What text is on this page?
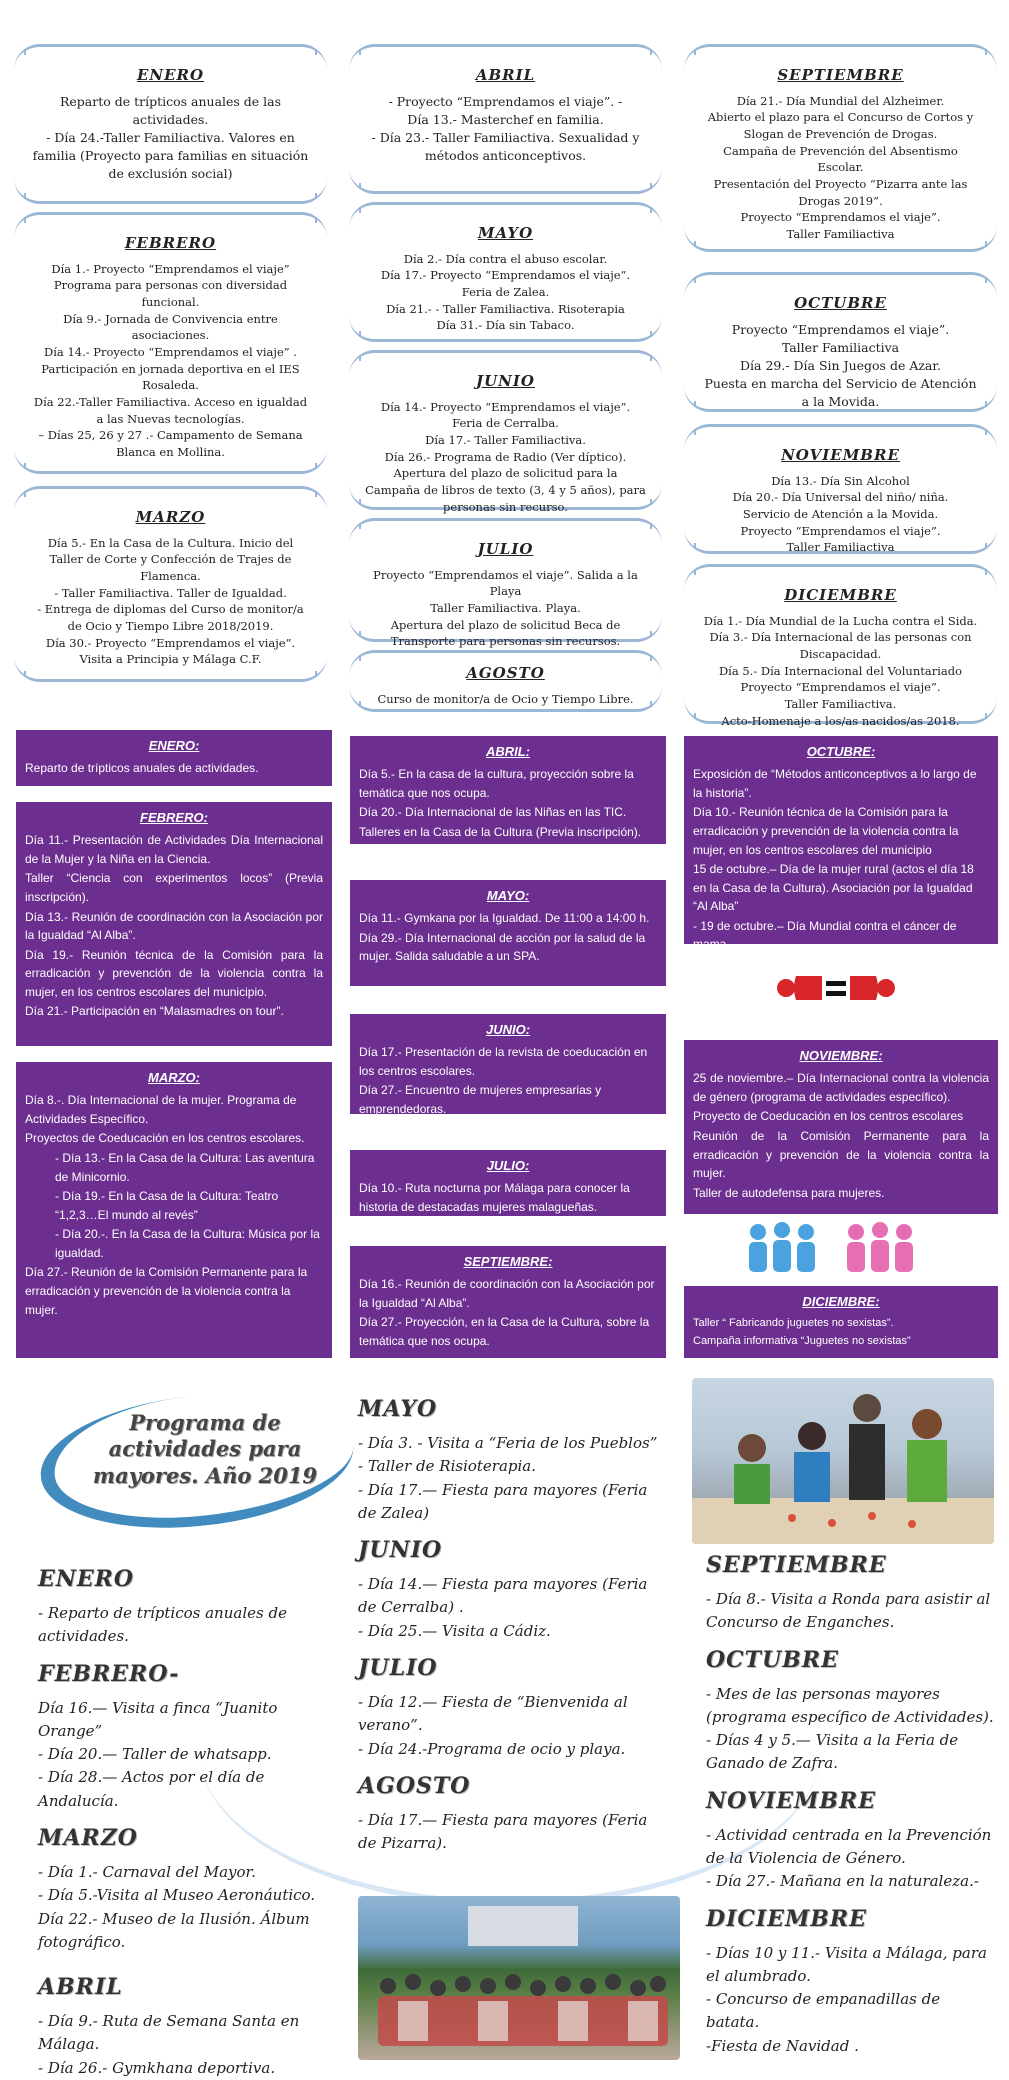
ENERO
Reparto de trípticos anuales de las actividades.
- Día 24.-Taller Familiactiva. Valores en familia (Proyecto para familias en situación de exclusión social)
FEBRERO
Día 1.- Proyecto “Emprendamos el viaje”
Programa para personas con diversidad funcional.
Día 9.- Jornada de Convivencia entre asociaciones.
Día 14.- Proyecto “Emprendamos el viaje” . Participación en jornada deportiva en el IES Rosaleda.
Día 22.-Taller Familiactiva. Acceso en igualdad a las Nuevas tecnologías.
– Días 25, 26 y 27 .- Campamento de Semana Blanca en Mollina.
MARZO
Día 5.- En la Casa de la Cultura. Inicio del Taller de Corte y Confección de Trajes de Flamenca.
- Taller Familiactiva. Taller de Igualdad.
- Entrega de diplomas del Curso de monitor/a de Ocio y Tiempo Libre 2018/2019.
Día 30.- Proyecto “Emprendamos el viaje”. Visita a Principia y Málaga C.F.
ABRIL
- Proyecto “Emprendamos el viaje”. -
Día 13.- Masterchef en familia.
- Día 23.- Taller Familiactiva. Sexualidad y métodos anticonceptivos.
MAYO
Día 2.- Día contra el abuso escolar.
Día 17.- Proyecto “Emprendamos el viaje”. Feria de Zalea.
Día 21.- - Taller Familiactiva. Risoterapia
Día 31.- Día sin Tabaco.
JUNIO
Día 14.- Proyecto “Emprendamos el viaje”. Feria de Cerralba.
Día 17.- Taller Familiactiva.
Día 26.- Programa de Radio (Ver díptico).
Apertura del plazo de solicitud para la Campaña de libros de texto (3, 4 y 5 años), para personas sin recurso.
JULIO
Proyecto “Emprendamos el viaje”. Salida a la Playa
Taller Familiactiva. Playa.
Apertura del plazo de solicitud Beca de Transporte para personas sin recursos.
AGOSTO
Curso de monitor/a de Ocio y Tiempo Libre.
SEPTIEMBRE
Día 21.- Día Mundial del Alzheimer.
Abierto el plazo para el Concurso de Cortos y Slogan de Prevención de Drogas.
Campaña de Prevención del Absentismo Escolar.
Presentación del Proyecto “Pizarra ante las Drogas 2019”.
Proyecto “Emprendamos el viaje”.
Taller Familiactiva
OCTUBRE
Proyecto “Emprendamos el viaje”.
Taller Familiactiva
Día 29.- Día Sin Juegos de Azar.
Puesta en marcha del Servicio de Atención a la Movida.
NOVIEMBRE
Día 13.- Día Sin Alcohol
Día 20.- Día Universal del niño/ niña.
Servicio de Atención a la Movida.
Proyecto “Emprendamos el viaje”.
Taller Familiactiva
DICIEMBRE
Día 1.- Día Mundial de la Lucha contra el Sida.
Día 3.- Día Internacional de las personas con Discapacidad.
Día 5.- Día Internacional del Voluntariado
Proyecto “Emprendamos el viaje”.
Taller Familiactiva.
Acto-Homenaje a los/as nacidos/as 2018.
ENERO:
Reparto de trípticos anuales de actividades.
FEBRERO:
Día 11.- Presentación de Actividades Día Internacional de la Mujer y la Niña en la Ciencia.
Taller “Ciencia con experimentos locos” (Previa inscripción).
Día 13.- Reunión de coordinación con la Asociación por la Igualdad “Al Alba”.
Día 19.- Reunión técnica de la Comisión para la erradicación y prevención de la violencia contra la mujer, en los centros escolares del municipio.
Día 21.- Participación en “Malasmadres on tour”.
MARZO:
Día 8.-. Día Internacional de la mujer. Programa de Actividades Específico.
Proyectos de Coeducación en los centros escolares.
- Día 13.- En la Casa de la Cultura: Las aventura de Minicornio.
- Día 19.- En la Casa de la Cultura: Teatro “1,2,3…El mundo al revés”
- Día 20.-. En la Casa de la Cultura: Música por la igualdad.
Día 27.- Reunión de la Comisión Permanente para la erradicación y prevención de la violencia contra la mujer.
ABRIL:
Día 5.- En la casa de la cultura, proyección sobre la temática que nos ocupa.
Día 20.- Día Internacional de las Niñas en las TIC.
Talleres en la Casa de la Cultura (Previa inscripción).
MAYO:
Día 11.- Gymkana por la Igualdad. De 11:00 a 14:00 h.
Día 29.- Día Internacional de acción por la salud de la mujer. Salida saludable a un SPA.
JUNIO:
Día 17.- Presentación de la revista de coeducación en los centros escolares.
Día 27.- Encuentro de mujeres empresarias y emprendedoras.
JULIO:
Día 10.- Ruta nocturna por Málaga para conocer la historia de destacadas mujeres malagueñas.
SEPTIEMBRE:
Día 16.- Reunión de coordinación con la Asociación por la Igualdad “Al Alba”.
Día 27.- Proyección, en la Casa de la Cultura, sobre la temática que nos ocupa.
OCTUBRE:
Exposición de “Métodos anticonceptivos a lo largo de la historia”.
Día 10.- Reunión técnica de la Comisión para la erradicación y prevención de la violencia contra la mujer, en los centros escolares del municipio
15 de octubre.– Día de la mujer rural (actos el día 18 en la Casa de la Cultura). Asociación por la Igualdad “Al Alba”
- 19 de octubre.– Día Mundial contra el cáncer de mama.
NOVIEMBRE:
25 de noviembre.– Día Internacional contra la violencia de género (programa de actividades específico).
Proyecto de Coeducación en los centros escolares
Reunión de la Comisión Permanente para la erradicación y prevención de la violencia contra la mujer.
Taller de autodefensa para mujeres.
DICIEMBRE:
Taller “ Fabricando juguetes no sexistas”.
Campaña informativa “Juguetes no sexistas”
Programa de actividades para mayores. Año 2019
ENERO
- Reparto de trípticos anuales de actividades.
FEBRERO-
Día 16.— Visita a finca “Juanito Orange”
- Día 20.— Taller de whatsapp.
- Día 28.— Actos por el día de Andalucía.
MARZO
- Día 1.- Carnaval del Mayor.
- Día 5.-Visita al Museo Aeronáutico.
Día 22.- Museo de la Ilusión. Álbum fotográfico.
ABRIL
- Día 9.- Ruta de Semana Santa en Málaga.
- Día 26.- Gymkhana deportiva.
MAYO
- Día 3. - Visita a “Feria de los Pueblos”
- Taller de Risioterapia.
- Día 17.— Fiesta para mayores (Feria de Zalea)
JUNIO
- Día 14.— Fiesta para mayores (Feria de Cerralba) .
- Día 25.— Visita a Cádiz.
JULIO
- Día 12.— Fiesta de “Bienvenida al verano”.
- Día 24.-Programa de ocio y playa.
AGOSTO
- Día 17.— Fiesta para mayores (Feria de Pizarra).
SEPTIEMBRE
- Día 8.- Visita a Ronda para asistir al Concurso de Enganches.
OCTUBRE
- Mes de las personas mayores (programa específico de Actividades).
- Días 4 y 5.— Visita a la Feria de Ganado de Zafra.
NOVIEMBRE
- Actividad centrada en la Prevención de la Violencia de Género.
- Día 27.- Mañana en la naturaleza.-
DICIEMBRE
- Días 10 y 11.- Visita a Málaga, para el alumbrado.
- Concurso de empanadillas de batata.
-Fiesta de Navidad .
